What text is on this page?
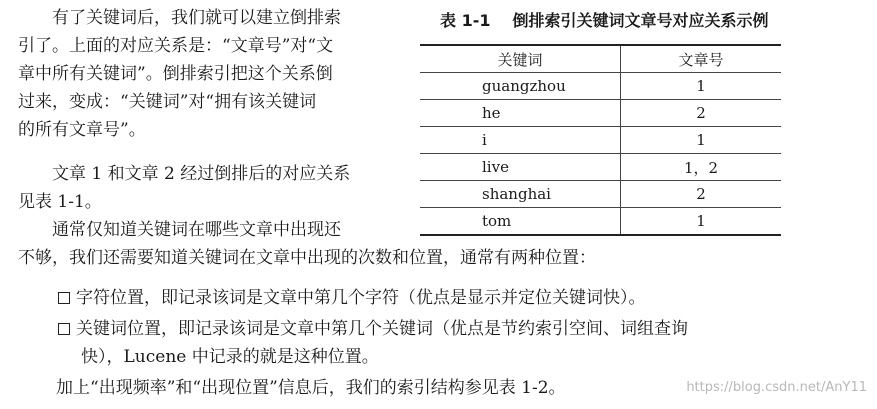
有了关键词后，我们就可以建立倒排索
引了。上面的对应关系是：“文章号”对“文
章中所有关键词”。倒排索引把这个关系倒
过来，变成：“关键词”对“拥有该关键词
的所有文章号”。
文章 1 和文章 2 经过倒排后的对应关系
见表 1-1。
通常仅知道关键词在哪些文章中出现还
不够，我们还需要知道关键词在文章中出现的次数和位置，通常有两种位置：
字符位置，即记录该词是文章中第几个字符（优点是显示并定位关键词快）。
关键词位置，即记录该词是文章中第几个关键词（优点是节约索引空间、词组查询
快），Lucene 中记录的就是这种位置。
加上“出现频率”和“出现位置”信息后，我们的索引结构参见表 1-2。
表 1-1 倒排索引关键词文章号对应关系示例
关键词	文章号
guangzhou	1
he	2
i	1
live	1，2
shanghai	2
tom	1
https://blog.csdn.net/AnY11
